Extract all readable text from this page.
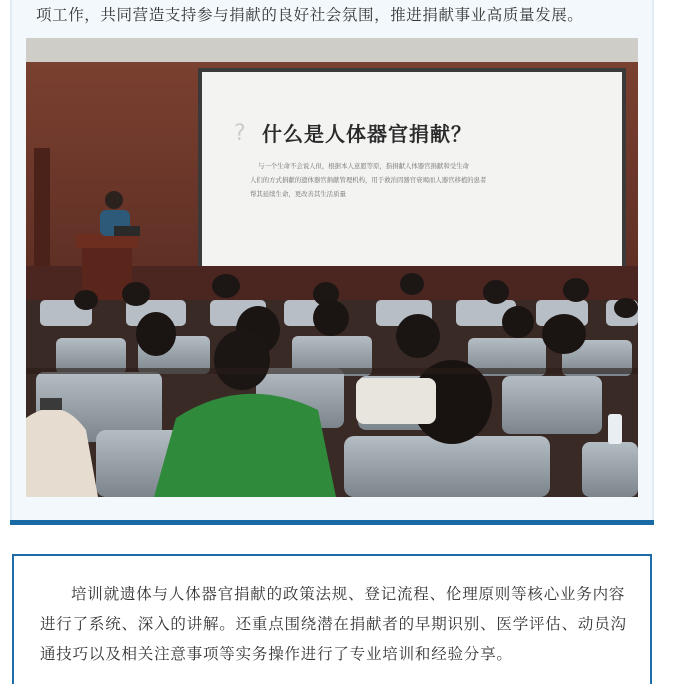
项工作，共同营造支持参与捐献的良好社会氛围，推进捐献事业高质量发展。

什么是人体器官捐献？
?
与一个生命不会说人但，根据本人意愿等原，指捐献人体器官捐献和受生命
人们的方式捐献的遗体器官捐献管理机构，用于救治因器官衰竭而人器官移植的患者
帮其延续生命，更改善其生活质量

培训就遗体与人体器官捐献的政策法规、登记流程、伦理原则等核心业务内容进行了系统、深入的讲解。还重点围绕潜在捐献者的早期识别、医学评估、动员沟通技巧以及相关注意事项等实务操作进行了专业培训和经验分享。
